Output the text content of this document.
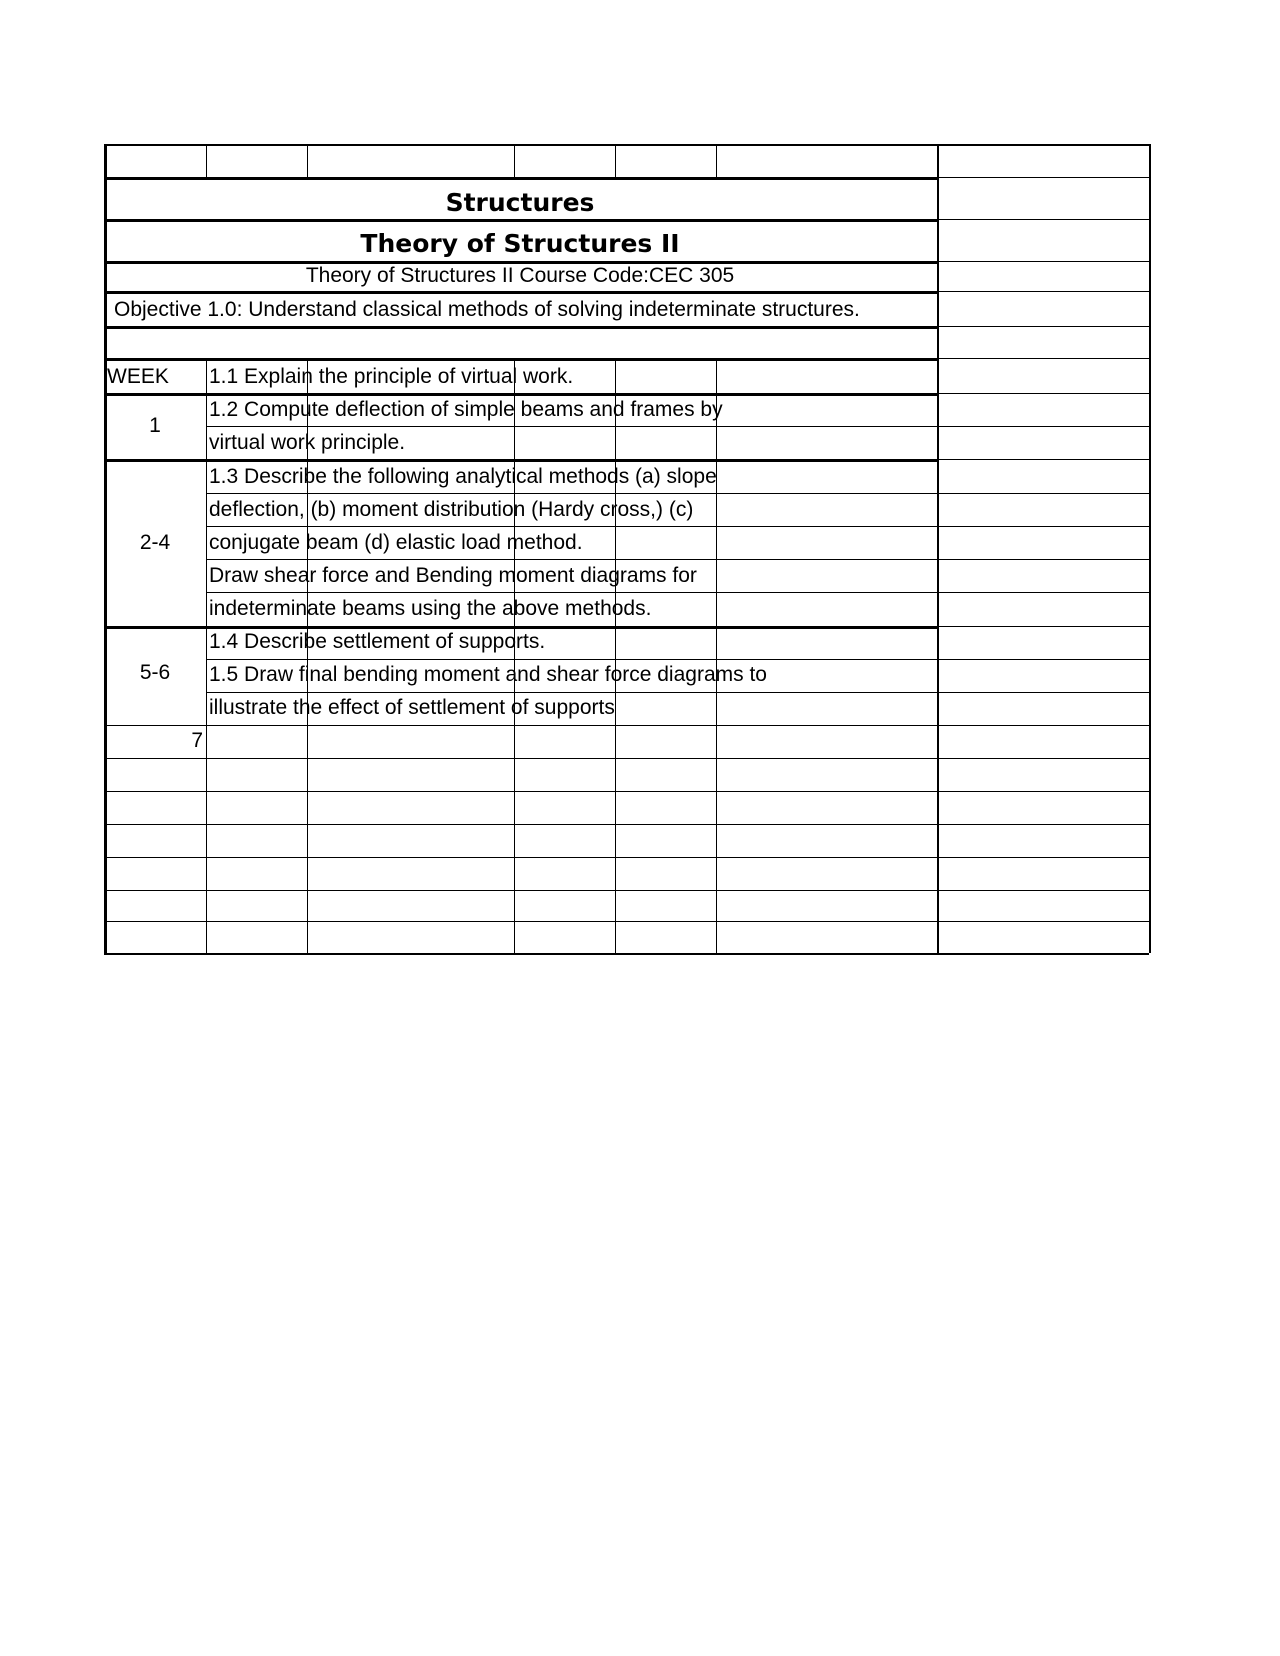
Structures
Theory of Structures II
Theory of Structures II Course Code:CEC 305
Objective 1.0: Understand classical methods of solving indeterminate structures.
WEEK 1.1 Explain the principle of virtual work.
1
1.2 Compute deflection of simple beams and frames by
virtual work principle.
2-4
1.3 Describe the following analytical methods (a) slope
deflection, (b) moment distribution (Hardy cross,) (c)
conjugate beam (d) elastic load method.
Draw shear force and Bending moment diagrams for
indeterminate beams using the above methods.
5-6
1.4 Describe settlement of supports.
1.5 Draw final bending moment and shear force diagrams to
illustrate the effect of settlement of supports
7
